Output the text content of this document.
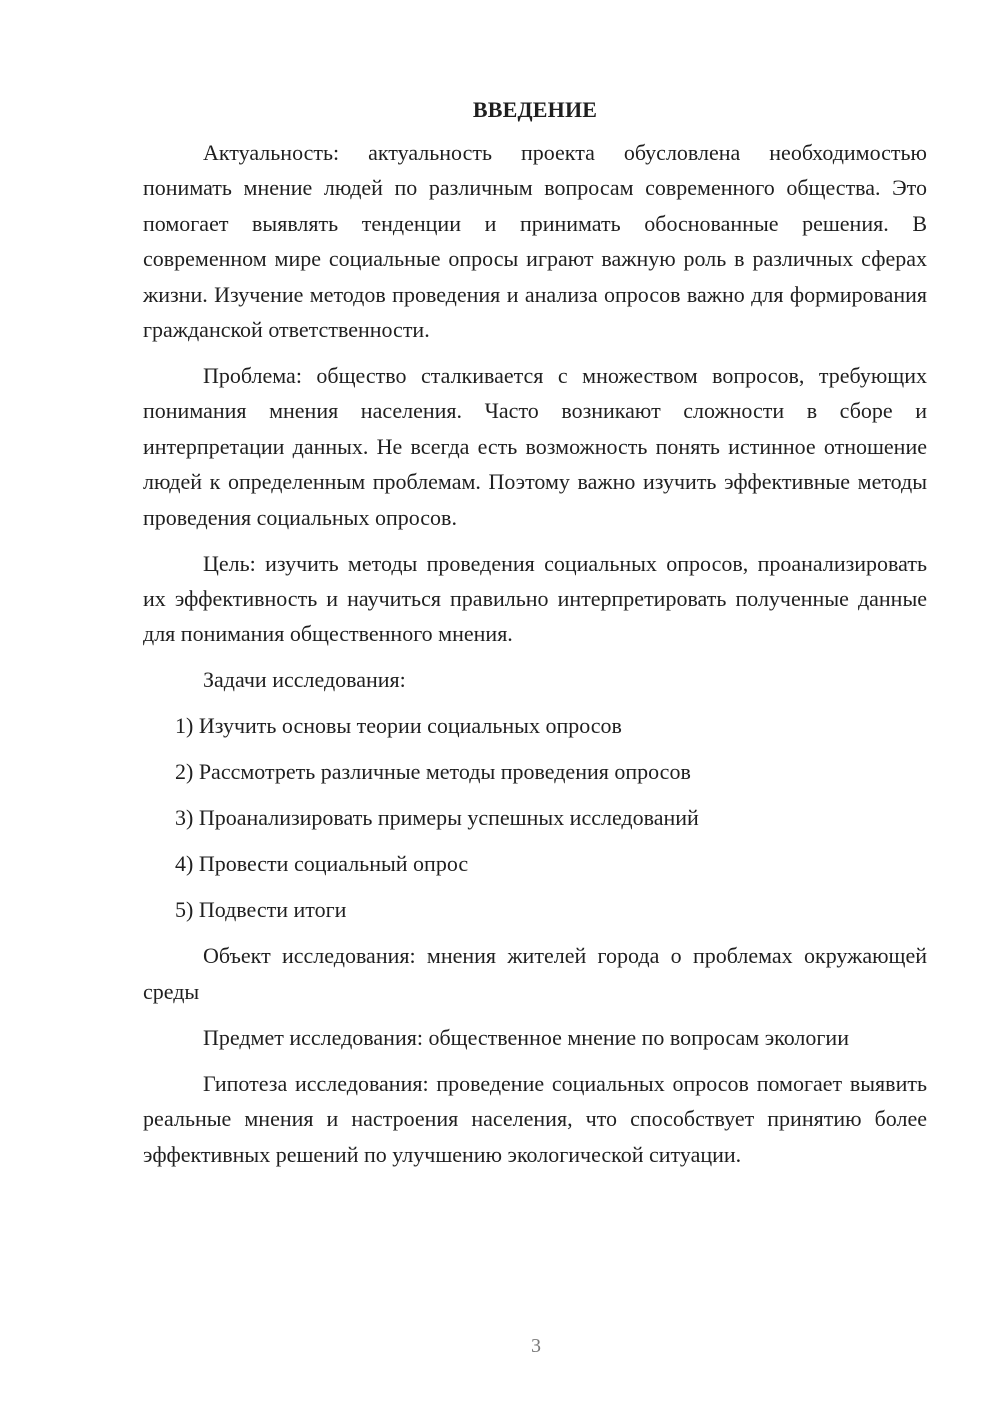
ВВЕДЕНИЕ

Актуальность: актуальность проекта обусловлена необходимостью понимать мнение людей по различным вопросам современного общества. Это помогает выявлять тенденции и принимать обоснованные решения. В современном мире социальные опросы играют важную роль в различных сферах жизни. Изучение методов проведения и анализа опросов важно для формирования гражданской ответственности.

Проблема: общество сталкивается с множеством вопросов, требующих понимания мнения населения. Часто возникают сложности в сборе и интерпретации данных. Не всегда есть возможность понять истинное отношение людей к определенным проблемам. Поэтому важно изучить эффективные методы проведения социальных опросов.

Цель: изучить методы проведения социальных опросов, проанализировать их эффективность и научиться правильно интерпретировать полученные данные для понимания общественного мнения.

Задачи исследования:

1) Изучить основы теории социальных опросов
2) Рассмотреть различные методы проведения опросов
3) Проанализировать примеры успешных исследований
4) Провести социальный опрос
5) Подвести итоги

Объект исследования: мнения жителей города о проблемах окружающей среды

Предмет исследования: общественное мнение по вопросам экологии

Гипотеза исследования: проведение социальных опросов помогает выявить реальные мнения и настроения населения, что способствует принятию более эффективных решений по улучшению экологической ситуации.

3
